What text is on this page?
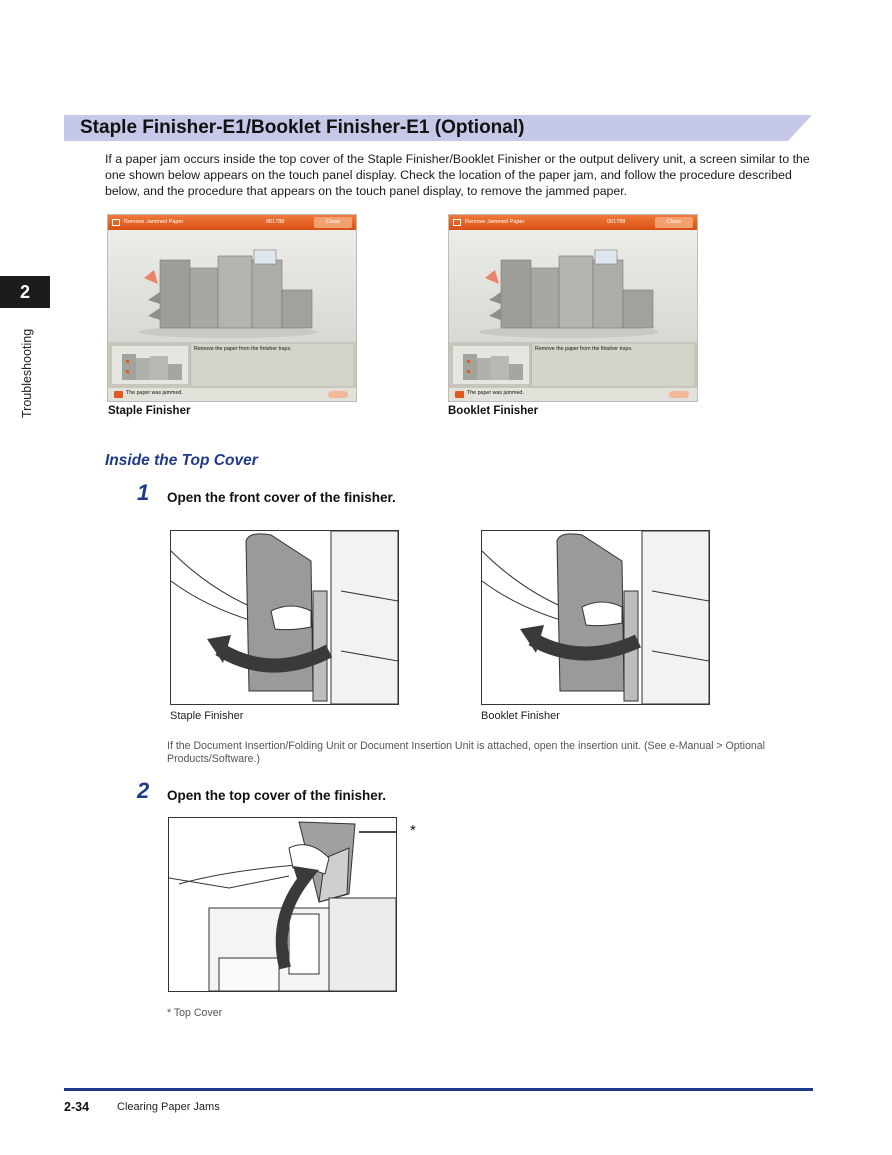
Staple Finisher-E1/Booklet Finisher-E1 (Optional)
If a paper jam occurs inside the top cover of the Staple Finisher/Booklet Finisher or the output delivery unit, a screen similar to the one shown below appears on the touch panel display. Check the location of the paper jam, and follow the procedure described below, and the procedure that appears on the touch panel display, to remove the jammed paper.
2
Troubleshooting
Remove Jammed Paper	061788	Close
Remove the paper from the finisher trays.
The paper was jammed.
Staple Finisher
Remove Jammed Paper	061788	Close
Remove the paper from the finisher trays.
The paper was jammed.
Booklet Finisher
Inside the Top Cover
1 Open the front cover of the finisher.
Staple Finisher	Booklet Finisher
If the Document Insertion/Folding Unit or Document Insertion Unit is attached, open the insertion unit. (See e-Manual > Optional Products/Software.)
2 Open the top cover of the finisher.
*
* Top Cover
2-34	Clearing Paper Jams
